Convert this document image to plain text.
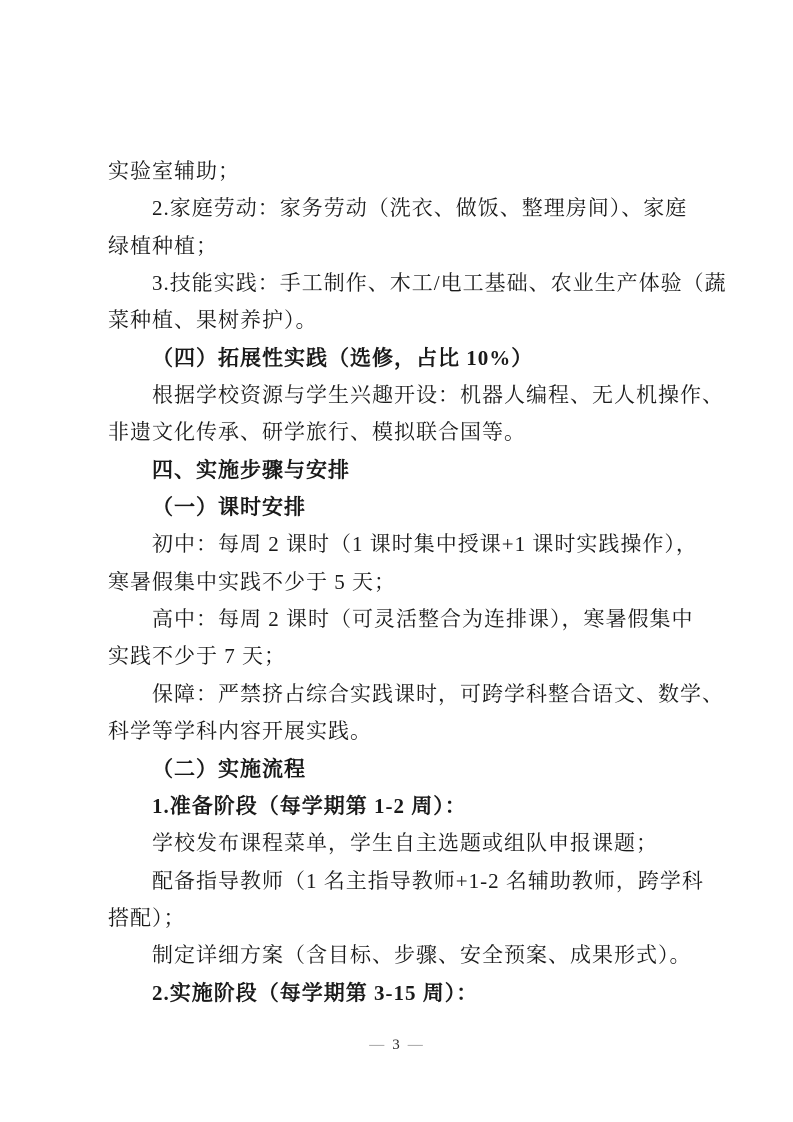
实验室辅助；
2.家庭劳动：家务劳动（洗衣、做饭、整理房间）、家庭
绿植种植；
3.技能实践：手工制作、木工/电工基础、农业生产体验（蔬
菜种植、果树养护）。
（四）拓展性实践（选修，占比 10%）
根据学校资源与学生兴趣开设：机器人编程、无人机操作、
非遗文化传承、研学旅行、模拟联合国等。
四、实施步骤与安排
（一）课时安排
初中：每周 2 课时（1 课时集中授课+1 课时实践操作），
寒暑假集中实践不少于 5 天；
高中：每周 2 课时（可灵活整合为连排课），寒暑假集中
实践不少于 7 天；
保障：严禁挤占综合实践课时，可跨学科整合语文、数学、
科学等学科内容开展实践。
（二）实施流程
1.准备阶段（每学期第 1-2 周）：
学校发布课程菜单，学生自主选题或组队申报课题；
配备指导教师（1 名主指导教师+1-2 名辅助教师，跨学科
搭配）；
制定详细方案（含目标、步骤、安全预案、成果形式）。
2.实施阶段（每学期第 3-15 周）：
— 3 —
